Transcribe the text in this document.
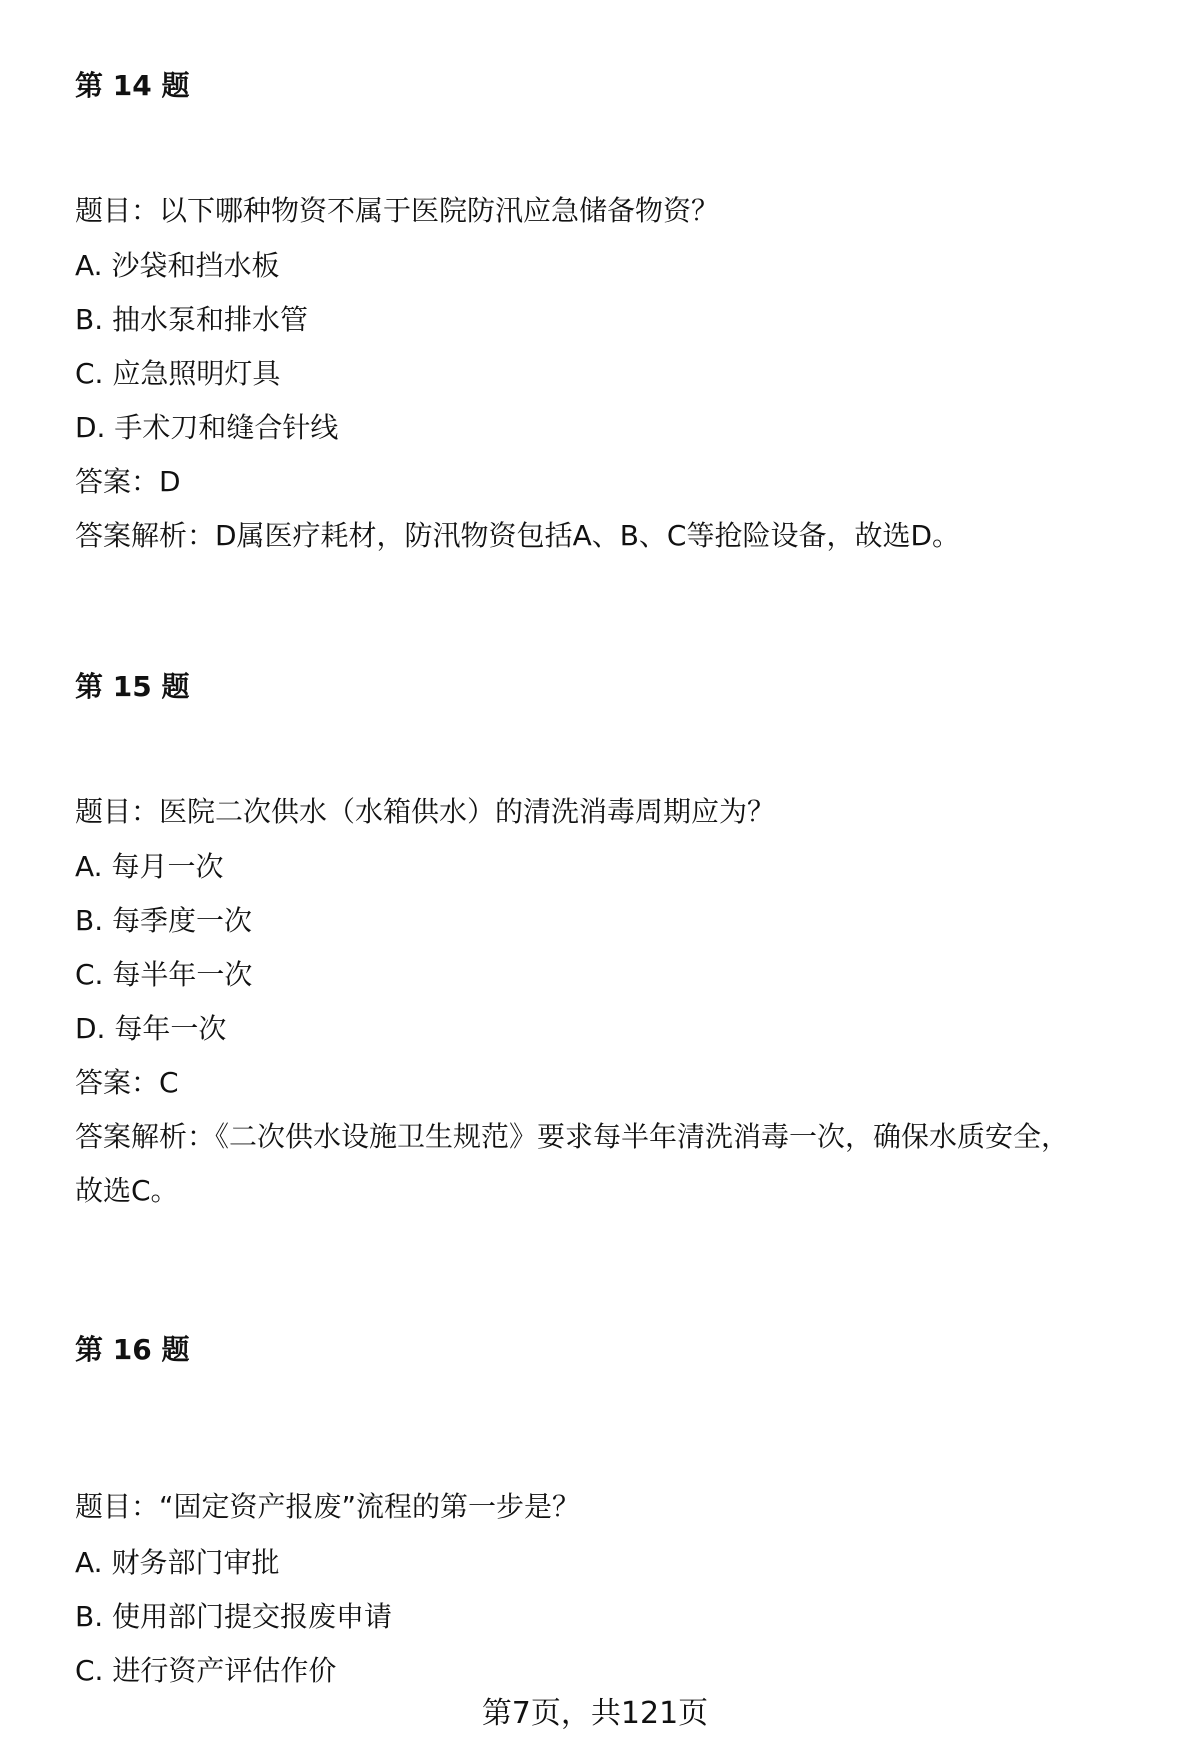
第 14 题
题目：以下哪种物资不属于医院防汛应急储备物资？
A. 沙袋和挡水板
B. 抽水泵和排水管
C. 应急照明灯具
D. 手术刀和缝合针线
答案：D
答案解析：D属医疗耗材，防汛物资包括A、B、C等抢险设备，故选D。
第 15 题
题目：医院二次供水（水箱供水）的清洗消毒周期应为？
A. 每月一次
B. 每季度一次
C. 每半年一次
D. 每年一次
答案：C
答案解析：《二次供水设施卫生规范》要求每半年清洗消毒一次，确保水质安全，
故选C。
第 16 题
题目：“固定资产报废”流程的第一步是？
A. 财务部门审批
B. 使用部门提交报废申请
C. 进行资产评估作价
第7页，共121页
